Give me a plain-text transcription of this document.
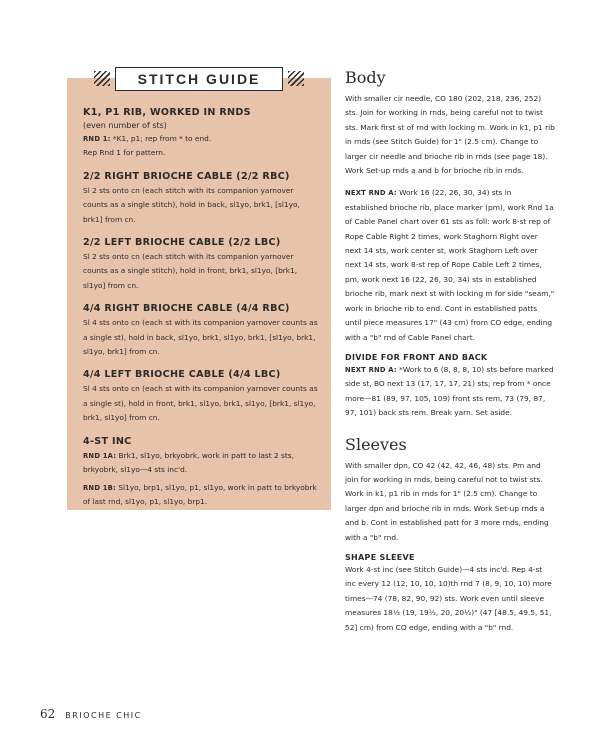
STITCH GUIDE

K1, P1 RIB, WORKED IN RNDS

(even number of sts)

RND 1: *K1, p1; rep from * to end.

Rep Rnd 1 for pattern.

2/2 RIGHT BRIOCHE CABLE (2/2 RBC)

Sl 2 sts onto cn (each stitch with its companion yarnover counts as a single stitch), hold in back, sl1yo, brk1, [sl1yo, brk1] from cn.

2/2 LEFT BRIOCHE CABLE (2/2 LBC)

Sl 2 sts onto cn (each stitch with its companion yarnover counts as a single stitch), hold in front, brk1, sl1yo, [brk1, sl1yo] from cn.

4/4 RIGHT BRIOCHE CABLE (4/4 RBC)

Sl 4 sts onto cn (each st with its companion yarnover counts as a single st), hold in back, sl1yo, brk1, sl1yo, brk1, [sl1yo, brk1, sl1yo, brk1] from cn.

4/4 LEFT BRIOCHE CABLE (4/4 LBC)

Sl 4 sts onto cn (each st with its companion yarnover counts as a single st), hold in front, brk1, sl1yo, brk1, sl1yo, [brk1, sl1yo, brk1, sl1yo] from cn.

4-ST INC

RND 1A: Brk1, sl1yo, brkyobrk, work in patt to last 2 sts, brkyobrk, sl1yo—4 sts inc'd.

RND 1B: Sl1yo, brp1, sl1yo, p1, sl1yo, work in patt to brkyobrk of last rnd, sl1yo, p1, sl1yo, brp1.

Body

With smaller cir needle, CO 180 (202, 218, 236, 252) sts. Join for working in rnds, being careful not to twist sts. Mark first st of rnd with locking m. Work in k1, p1 rib in rnds (see Stitch Guide) for 1" (2.5 cm). Change to larger cir needle and brioche rib in rnds (see page 18). Work Set-up rnds a and b for brioche rib in rnds.

NEXT RND A: Work 16 (22, 26, 30, 34) sts in established brioche rib, place marker (pm), work Rnd 1a of Cable Panel chart over 61 sts as foll: work 8-st rep of Rope Cable Right 2 times, work Staghorn Right over next 14 sts, work center st, work Staghorn Left over next 14 sts, work 8-st rep of Rope Cable Left 2 times, pm, work next 16 (22, 26, 30, 34) sts in established brioche rib, mark next st with locking m for side "seam," work in brioche rib to end. Cont in established patts until piece measures 17" (43 cm) from CO edge, ending with a "b" rnd of Cable Panel chart.

DIVIDE FOR FRONT AND BACK

NEXT RND A: *Work to 6 (8, 8, 8, 10) sts before marked side st, BO next 13 (17, 17, 17, 21) sts; rep from * once more—81 (89, 97, 105, 109) front sts rem, 73 (79, 87, 97, 101) back sts rem. Break yarn. Set aside.

Sleeves

With smaller dpn, CO 42 (42, 42, 46, 48) sts. Pm and join for working in rnds, being careful not to twist sts. Work in k1, p1 rib in rnds for 1" (2.5 cm). Change to larger dpn and brioche rib in rnds. Work Set-up rnds a and b. Cont in established patt for 3 more rnds, ending with a "b" rnd.

SHAPE SLEEVE

Work 4-st inc (see Stitch Guide)—4 sts inc'd. Rep 4-st inc every 12 (12, 10, 10, 10)th rnd 7 (8, 9, 10, 10) more times—74 (78, 82, 90, 92) sts. Work even until sleeve measures 18½ (19, 19½, 20, 20½)" (47 [48.5, 49.5, 51, 52] cm) from CO edge, ending with a "b" rnd.

62 BRIOCHE CHIC
